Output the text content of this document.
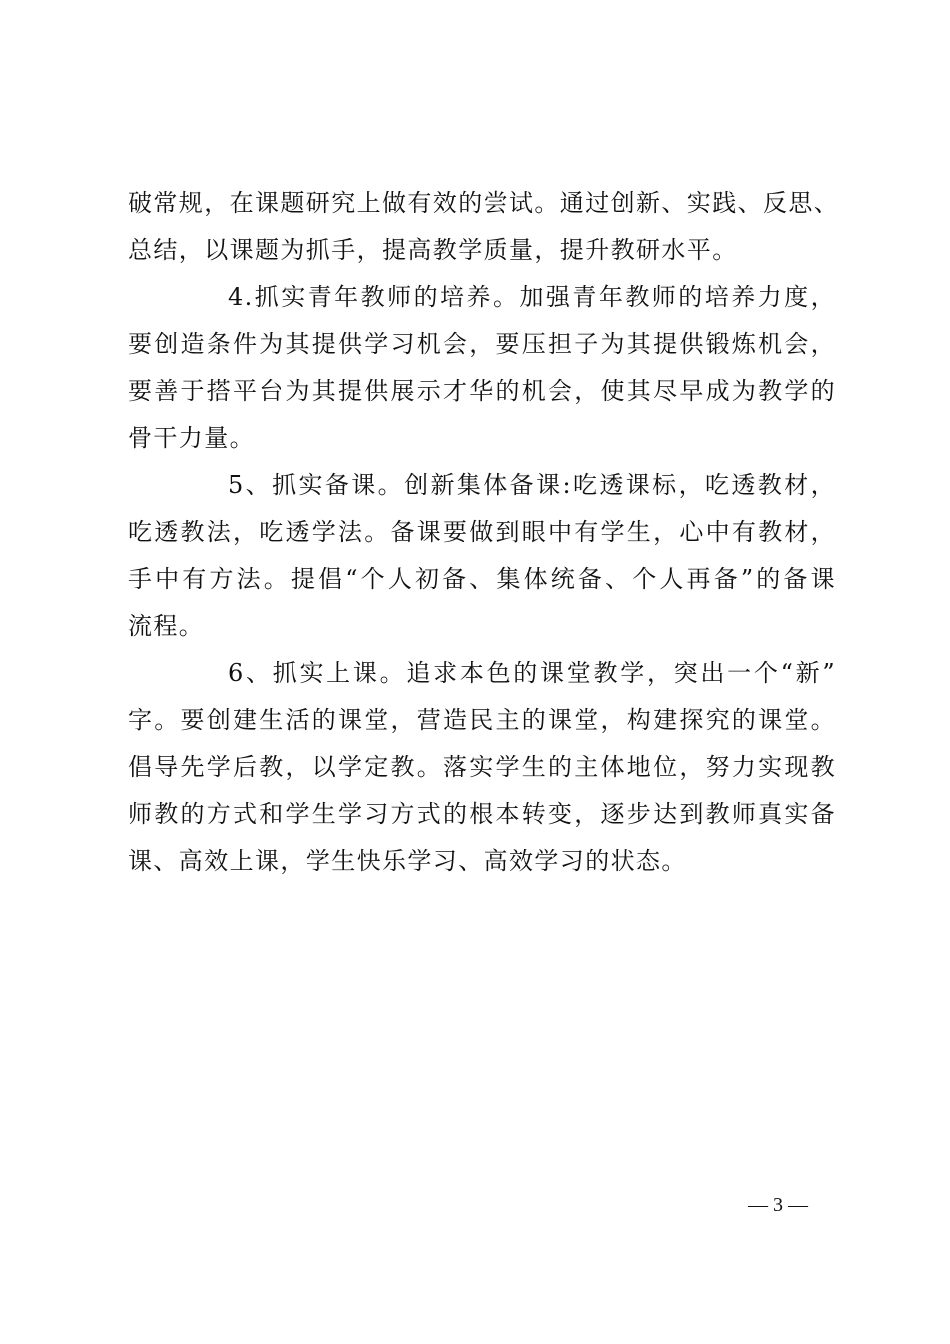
破常规，在课题研究上做有效的尝试。通过创新、实践、反思、
总结，以课题为抓手，提高教学质量，提升教研水平。
4.抓实青年教师的培养。加强青年教师的培养力度，
要创造条件为其提供学习机会，要压担子为其提供锻炼机会，
要善于搭平台为其提供展示才华的机会，使其尽早成为教学的
骨干力量。
5、抓实备课。创新集体备课:吃透课标，吃透教材，
吃透教法，吃透学法。备课要做到眼中有学生，心中有教材，
手中有方法。提倡“个人初备、集体统备、个人再备”的备课
流程。
6、抓实上课。追求本色的课堂教学，突出一个“新”
字。要创建生活的课堂，营造民主的课堂，构建探究的课堂。
倡导先学后教，以学定教。落实学生的主体地位，努力实现教
师教的方式和学生学习方式的根本转变，逐步达到教师真实备
课、高效上课，学生快乐学习、高效学习的状态。
— 3 —
